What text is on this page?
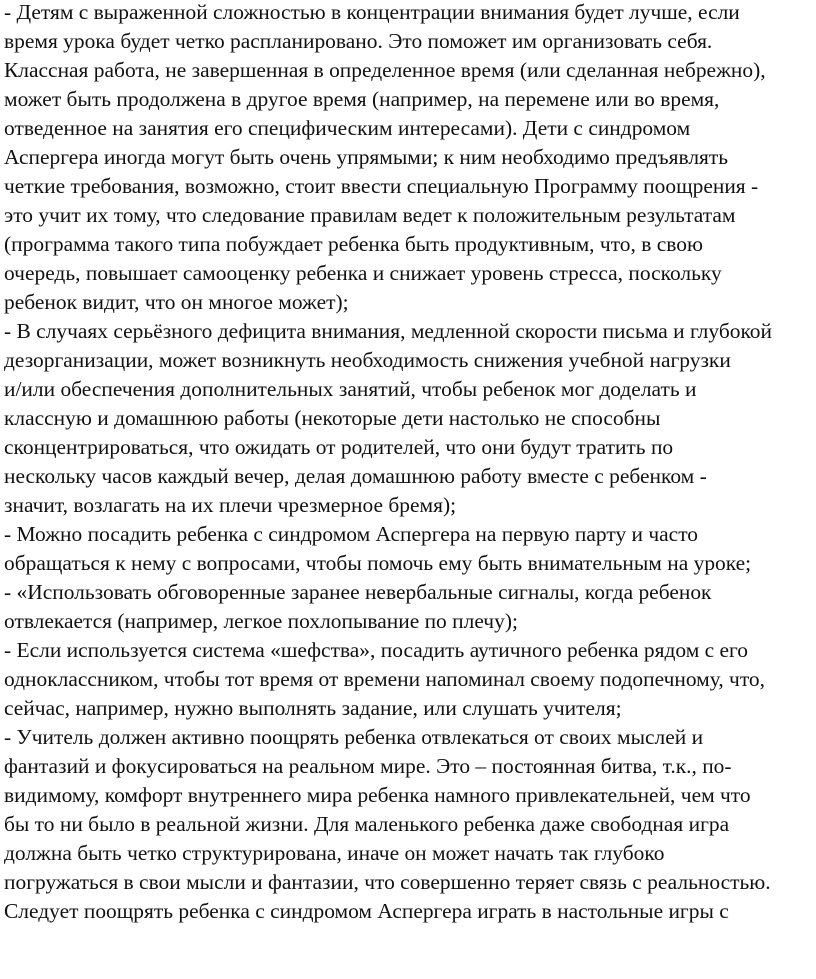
- Детям с выраженной сложностью в концентрации внимания будет лучше, если
время урока будет четко распланировано. Это поможет им организовать себя.
Классная работа, не завершенная в определенное время (или сделанная небрежно),
может быть продолжена в другое время (например, на перемене или во время,
отведенное на занятия его специфическим интересами). Дети с синдромом
Аспергера иногда могут быть очень упрямыми; к ним необходимо предъявлять
четкие требования, возможно, стоит ввести специальную Программу поощрения -
это учит их тому, что следование правилам ведет к положительным результатам
(программа такого типа побуждает ребенка быть продуктивным, что, в свою
очередь, повышает самооценку ребенка и снижает уровень стресса, поскольку
ребенок видит, что он многое может);
- В случаях серьёзного дефицита внимания, медленной скорости письма и глубокой
дезорганизации, может возникнуть необходимость снижения учебной нагрузки
и/или обеспечения дополнительных занятий, чтобы ребенок мог доделать и
классную и домашнюю работы (некоторые дети настолько не способны
сконцентрироваться, что ожидать от родителей, что они будут тратить по
нескольку часов каждый вечер, делая домашнюю работу вместе с ребенком -
значит, возлагать на их плечи чрезмерное бремя);
- Можно посадить ребенка с синдромом Аспергера на первую парту и часто
обращаться к нему с вопросами, чтобы помочь ему быть внимательным на уроке;
- «Использовать обговоренные заранее невербальные сигналы, когда ребенок
отвлекается (например, легкое похлопывание по плечу);
- Если используется система «шефства», посадить аутичного ребенка рядом с его
одноклассником, чтобы тот время от времени напоминал своему подопечному, что,
сейчас, например, нужно выполнять задание, или слушать учителя;
- Учитель должен активно поощрять ребенка отвлекаться от своих мыслей и
фантазий и фокусироваться на реальном мире. Это – постоянная битва, т.к., по-
видимому, комфорт внутреннего мира ребенка намного привлекательней, чем что
бы то ни было в реальной жизни. Для маленького ребенка даже свободная игра
должна быть четко структурирована, иначе он может начать так глубоко
погружаться в свои мысли и фантазии, что совершенно теряет связь с реальностью.
Следует поощрять ребенка с синдромом Аспергера играть в настольные игры с
